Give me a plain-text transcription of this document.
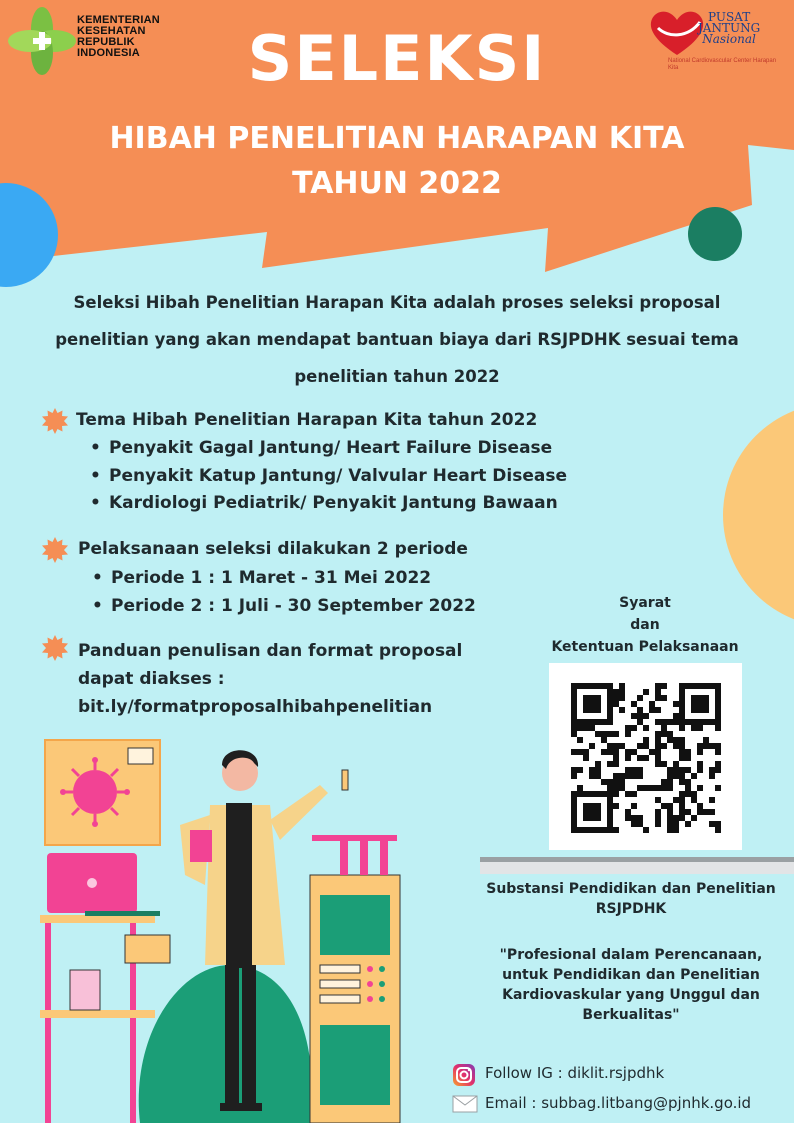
KEMENTERIAN
KESEHATAN
REPUBLIK
INDONESIA
PUSAT
JANTUNG
Nasional
National Cardiovascular Center Harapan Kita
SELEKSI
HIBAH PENELITIAN HARAPAN KITA
TAHUN 2022
Seleksi Hibah Penelitian Harapan Kita adalah proses seleksi proposal
penelitian yang akan mendapat bantuan biaya dari RSJPDHK sesuai tema
penelitian tahun 2022
Tema Hibah Penelitian Harapan Kita tahun 2022
• Penyakit Gagal Jantung/ Heart Failure Disease
• Penyakit Katup Jantung/ Valvular Heart Disease
• Kardiologi Pediatrik/ Penyakit Jantung Bawaan
Pelaksanaan seleksi dilakukan 2 periode
• Periode 1 : 1 Maret - 31 Mei 2022
• Periode 2 : 1 Juli - 30 September 2022
Panduan penulisan dan format proposal
dapat diakses :
bit.ly/formatproposalhibahpenelitian
Syarat
dan
Ketentuan Pelaksanaan
Substansi Pendidikan dan Penelitian
RSJPDHK
"Profesional dalam Perencanaan,
untuk Pendidikan dan Penelitian
Kardiovaskular yang Unggul dan
Berkualitas"
Follow IG : diklit.rsjpdhk
Email : subbag.litbang@pjnhk.go.id
